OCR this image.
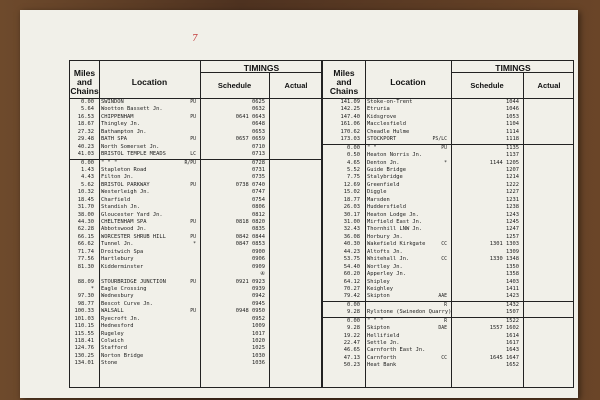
7
Miles
and
Chains
Location
TIMINGS
Schedule	Actual
0.00 SWINDON	PU	0625
5.64 Wootton Bassett Jn.	0632
16.53 CHIPPENHAM	PU	0641 0643
18.67 Thingley Jn.	0648
27.32 Bathampton Jn.	0653
29.48 BATH SPA	PU	0657 0659
40.23 North Somerset Jn.	0710
41.03 BRISTOL TEMPLE MEADS	LC	0713
0.00 " " "	R/PU	0728
1.43 Stapleton Road	0731
4.43 Filton Jn.	0735
5.62 BRISTOL PARKWAY	PU	0738 0740
10.32 Westerleigh Jn.	0747
18.45 Charfield	0754
31.70 Standish Jn.	0806
38.00 Gloucester Yard Jn.	0812
44.30 CHELTENHAM SPA	PU	0818 0820
62.28 Abbotswood Jn.	0835
66.15 WORCESTER SHRUB HILL	PU	0842 0844
66.62 Tunnel Jn.	*	0847 0853
71.74 Droitwich Spa	0900
77.56 Hartlebury	0906
81.30 Kidderminster	0909
④
88.09 STOURBRIDGE JUNCTION	PU	0921 0923
* Eagle Crossing	0939
97.30 Wednesbury	0942
98.77 Bescot Curve Jn.	0945
100.33 WALSALL	PU	0948 0950
101.03 Ryecroft Jn.	0952
110.15 Hednesford	1009
115.55 Rugeley	1017
118.41 Colwich	1020
124.76 Stafford	1025
130.25 Norton Bridge	1030
134.01 Stone	1036
Miles
and
Chains
Location
TIMINGS
Schedule	Actual
141.09 Stoke-on-Trent	1044
142.25 Etruria	1046
147.40 Kidsgrove	1053
161.06 Macclesfield	1104
170.62 Cheadle Hulme	1114
173.03 STOCKPORT	PS/LC	1118
0.00 " "	PU	1135
0.50 Heaton Norris Jn.	1137
4.65 Denton Jn.	*	1144 1205
5.52 Guide Bridge	1207
7.75 Stalybridge	1214
12.69 Greenfield	1222
15.02 Diggle	1227
18.77 Marsden	1231
26.03 Huddersfield	1238
30.17 Heaton Lodge Jn.	1243
31.00 Mirfield East Jn.	1245
32.43 Thornhill LNW Jn.	1247
36.08 Horbury Jn.	1257
40.30 Wakefield Kirkgate	CC	1301 1303
44.23 Altofts Jn.	1309
53.75 Whitehall Jn.	CC	1330 1348
54.40 Wortley Jn.	1350
60.20 Apperley Jn.	1358
64.12 Shipley	1403
70.27 Keighley	1411
79.42 Skipton	AAE	1423
0.00	R	1432
9.28 Rylstone (Swinedon Quarry)	1507
0.00 " " "	R	1522
9.28 Skipton	DAE	1557 1602
19.22 Hellifield	1614
22.47 Settle Jn.	1617
46.65 Carnforth East Jn.	1643
47.13 Carnforth	CC	1645 1647
50.23 Heat Bank	1652
